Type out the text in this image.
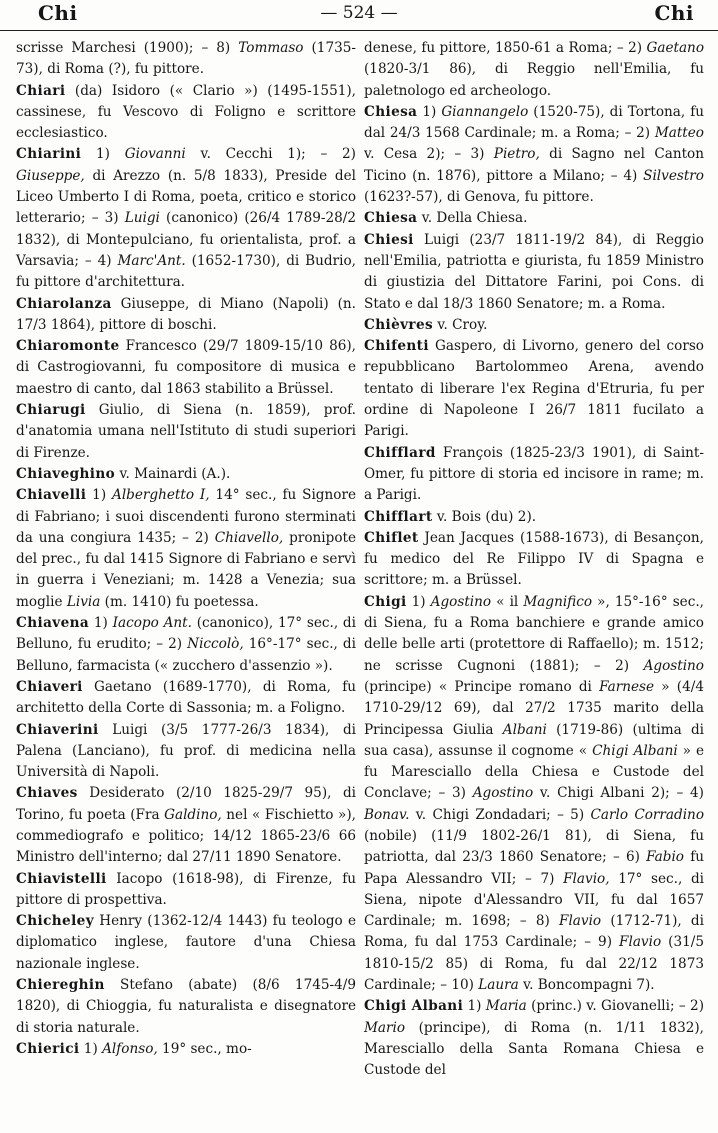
Chi	— 524 —	Chi

scrisse Marchesi (1900); – 8) Tommaso (1735-73), di Roma (?), fu pittore.

Chiari (da) Isidoro (« Clario ») (1495-1551), cassinese, fu Vescovo di Foligno e scrittore ecclesiastico.

Chiarini 1) Giovanni v. Cecchi 1); – 2) Giuseppe, di Arezzo (n. 5/8 1833), Preside del Liceo Umberto I di Roma, poeta, critico e storico letterario; – 3) Luigi (canonico) (26/4 1789-28/2 1832), di Montepulciano, fu orientalista, prof. a Varsavia; – 4) Marc'Ant. (1652-1730), di Budrio, fu pittore d'architettura.

Chiarolanza Giuseppe, di Miano (Napoli) (n. 17/3 1864), pittore di boschi.

Chiaromonte Francesco (29/7 1809-15/10 86), di Castrogiovanni, fu compositore di musica e maestro di canto, dal 1863 stabilito a Brüssel.

Chiarugi Giulio, di Siena (n. 1859), prof. d'anatomia umana nell'Istituto di studi superiori di Firenze.

Chiaveghino v. Mainardi (A.).

Chiavelli 1) Alberghetto I, 14° sec., fu Signore di Fabriano; i suoi discendenti furono sterminati da una congiura 1435; – 2) Chiavello, pronipote del prec., fu dal 1415 Signore di Fabriano e servì in guerra i Veneziani; m. 1428 a Venezia; sua moglie Livia (m. 1410) fu poetessa.

Chiavena 1) Iacopo Ant. (canonico), 17° sec., di Belluno, fu erudito; – 2) Niccolò, 16°-17° sec., di Belluno, farmacista (« zucchero d'assenzio »).

Chiaveri Gaetano (1689-1770), di Roma, fu architetto della Corte di Sassonia; m. a Foligno.

Chiaverini Luigi (3/5 1777-26/3 1834), di Palena (Lanciano), fu prof. di medicina nella Università di Napoli.

Chiaves Desiderato (2/10 1825-29/7 95), di Torino, fu poeta (Fra Galdino, nel « Fischietto »), commediografo e politico; 14/12 1865-23/6 66 Ministro dell'interno; dal 27/11 1890 Senatore.

Chiavistelli Iacopo (1618-98), di Firenze, fu pittore di prospettiva.

Chicheley Henry (1362-12/4 1443) fu teologo e diplomatico inglese, fautore d'una Chiesa nazionale inglese.

Chiereghin Stefano (abate) (8/6 1745-4/9 1820), di Chioggia, fu naturalista e disegnatore di storia naturale.

Chierici 1) Alfonso, 19° sec., mo-

denese, fu pittore, 1850-61 a Roma; – 2) Gaetano (1820-3/1 86), di Reggio nell'Emilia, fu paletnologo ed archeologo.

Chiesa 1) Giannangelo (1520-75), di Tortona, fu dal 24/3 1568 Cardinale; m. a Roma; – 2) Matteo v. Cesa 2); – 3) Pietro, di Sagno nel Canton Ticino (n. 1876), pittore a Milano; – 4) Silvestro (1623?-57), di Genova, fu pittore.

Chiesa v. Della Chiesa.

Chiesi Luigi (23/7 1811-19/2 84), di Reggio nell'Emilia, patriotta e giurista, fu 1859 Ministro di giustizia del Dittatore Farini, poi Cons. di Stato e dal 18/3 1860 Senatore; m. a Roma.

Chièvres v. Croy.

Chifenti Gaspero, di Livorno, genero del corso repubblicano Bartolommeo Arena, avendo tentato di liberare l'ex Regina d'Etruria, fu per ordine di Napoleone I 26/7 1811 fucilato a Parigi.

Chifflard François (1825-23/3 1901), di Saint-Omer, fu pittore di storia ed incisore in rame; m. a Parigi.

Chifflart v. Bois (du) 2).

Chiflet Jean Jacques (1588-1673), di Besançon, fu medico del Re Filippo IV di Spagna e scrittore; m. a Brüssel.

Chigi 1) Agostino « il Magnifico », 15°-16° sec., di Siena, fu a Roma banchiere e grande amico delle belle arti (protettore di Raffaello); m. 1512; ne scrisse Cugnoni (1881); – 2) Agostino (principe) « Principe romano di Farnese » (4/4 1710-29/12 69), dal 27/2 1735 marito della Principessa Giulia Albani (1719-86) (ultima di sua casa), assunse il cognome « Chigi Albani » e fu Maresciallo della Chiesa e Custode del Conclave; – 3) Agostino v. Chigi Albani 2); – 4) Bonav. v. Chigi Zondadari; – 5) Carlo Corradino (nobile) (11/9 1802-26/1 81), di Siena, fu patriotta, dal 23/3 1860 Senatore; – 6) Fabio fu Papa Alessandro VII; – 7) Flavio, 17° sec., di Siena, nipote d'Alessandro VII, fu dal 1657 Cardinale; m. 1698; – 8) Flavio (1712-71), di Roma, fu dal 1753 Cardinale; – 9) Flavio (31/5 1810-15/2 85) di Roma, fu dal 22/12 1873 Cardinale; – 10) Laura v. Boncompagni 7).

Chigi Albani 1) Maria (princ.) v. Giovanelli; – 2) Mario (principe), di Roma (n. 1/11 1832), Maresciallo della Santa Romana Chiesa e Custode del
